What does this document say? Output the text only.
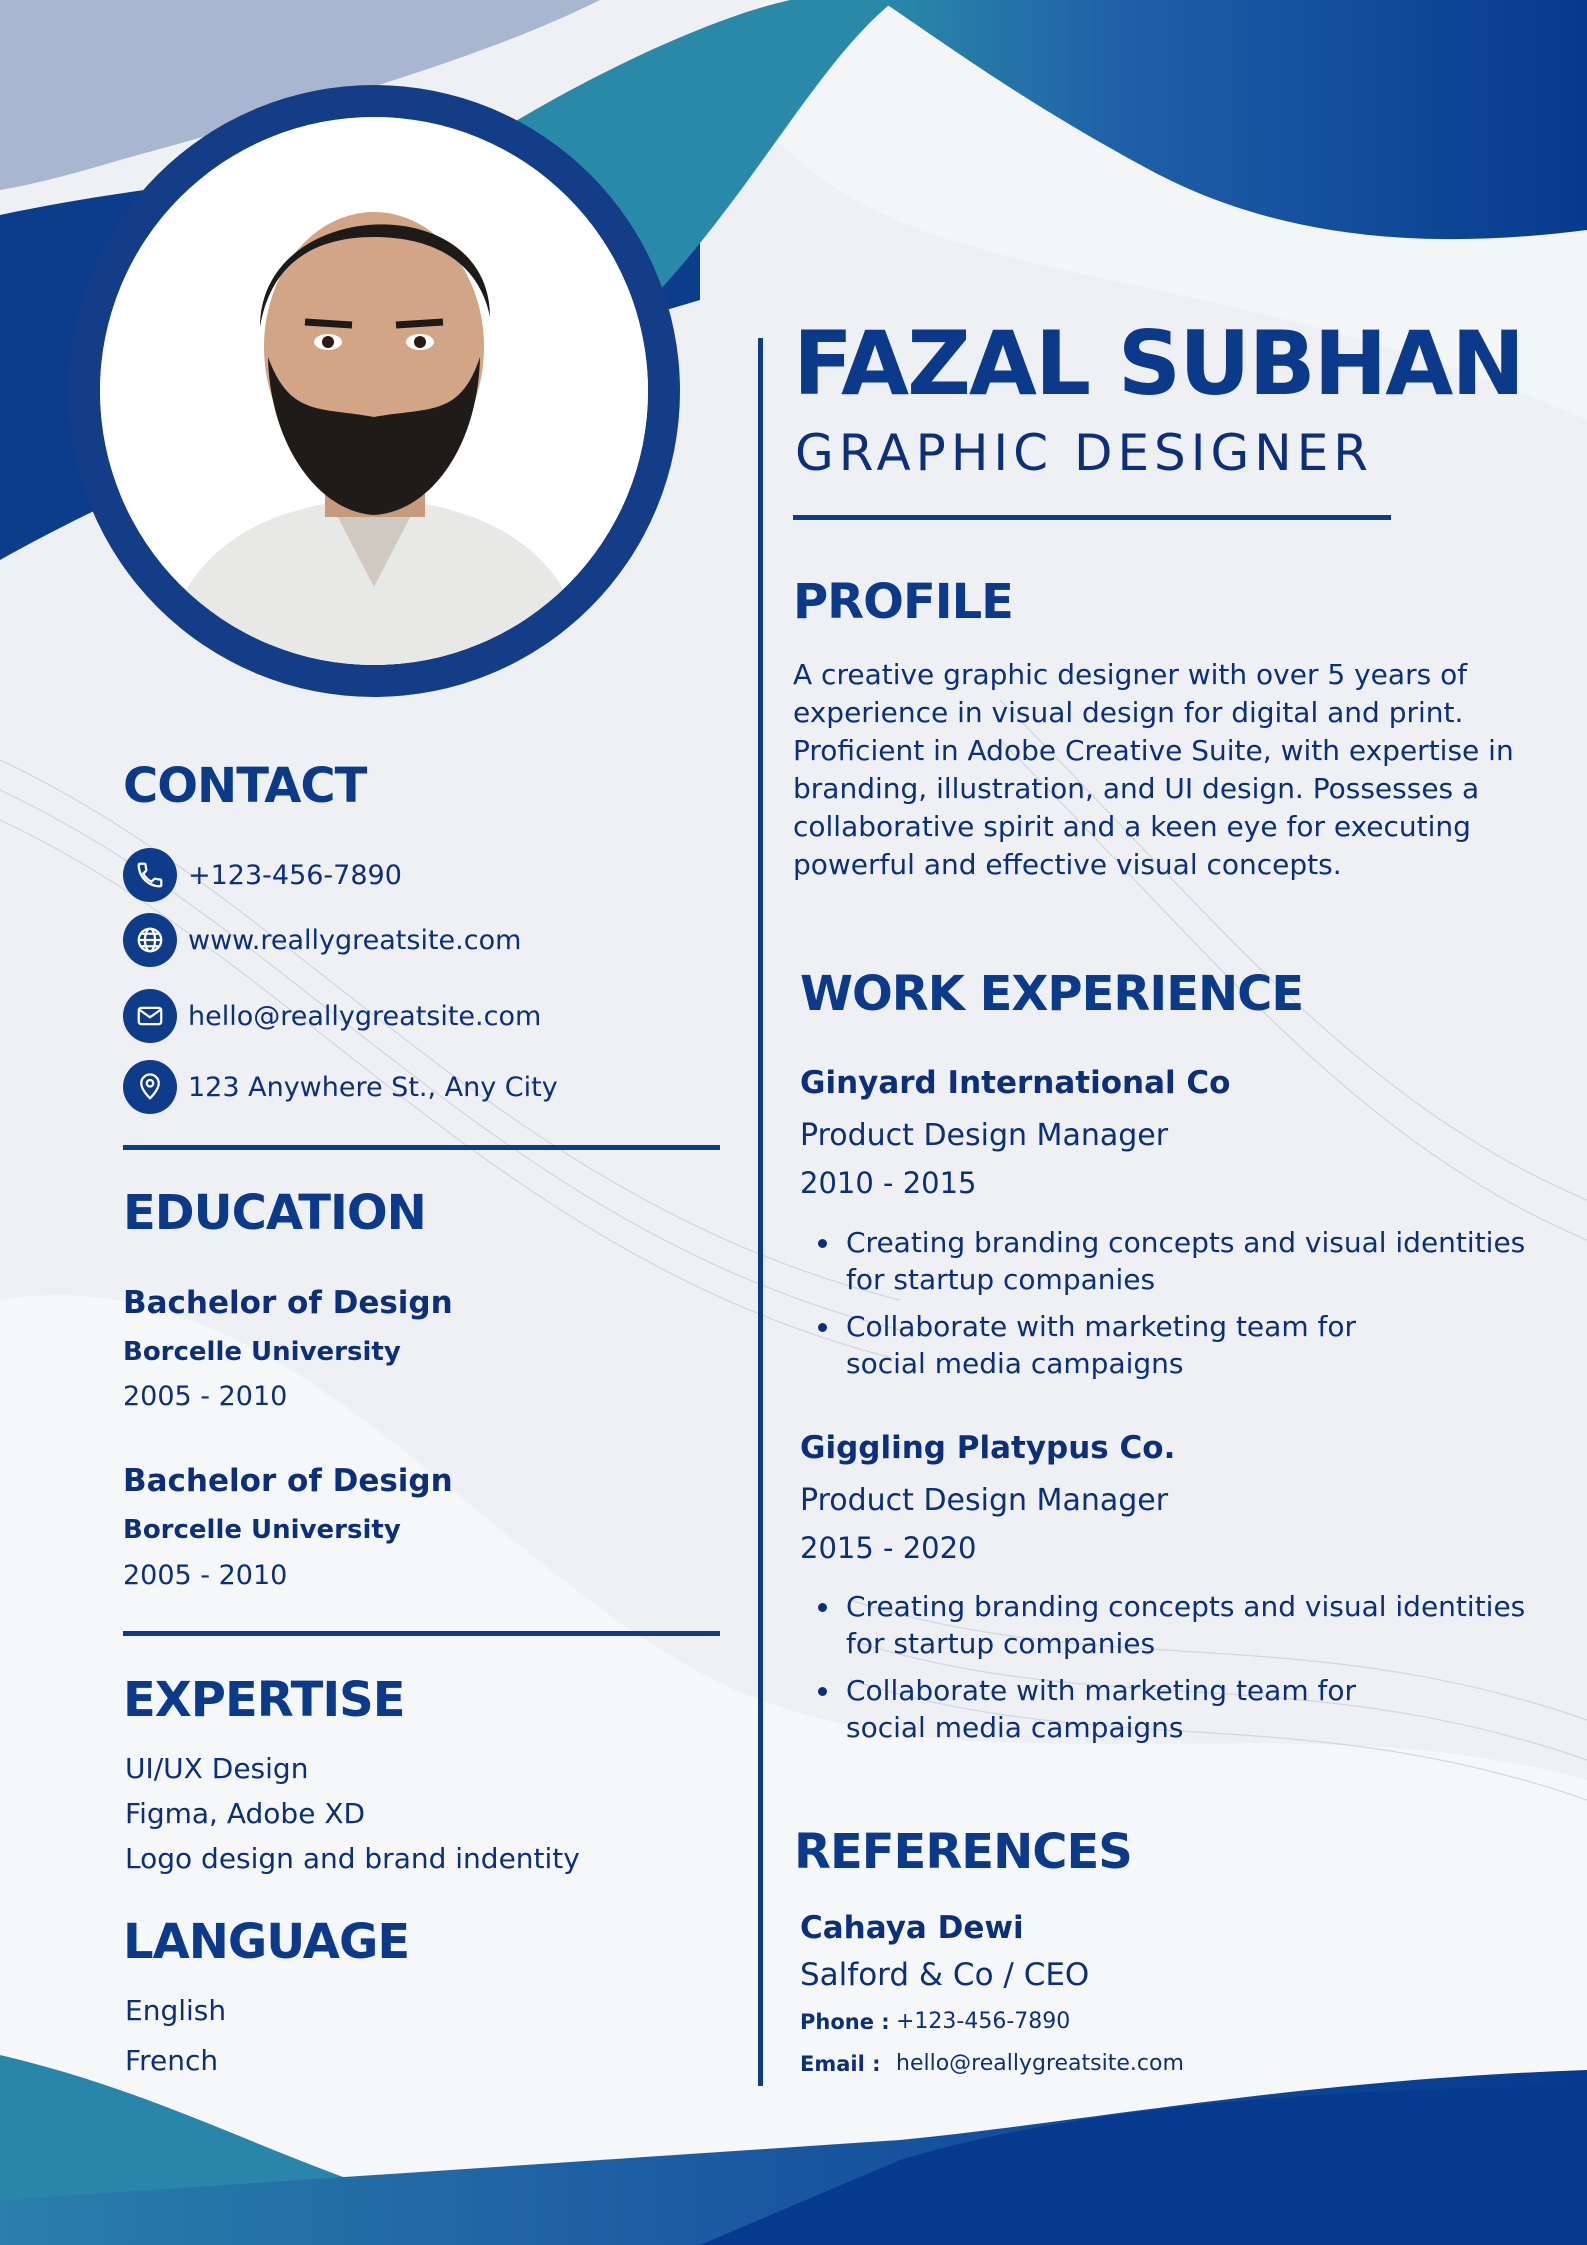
FAZAL SUBHAN
GRAPHIC DESIGNER
CONTACT
+123-456-7890
www.reallygreatsite.com
hello@reallygreatsite.com
123 Anywhere St., Any City
EDUCATION
Bachelor of Design
Borcelle University
2005 - 2010
Bachelor of Design
Borcelle University
2005 - 2010
EXPERTISE
UI/UX Design
Figma, Adobe XD
Logo design and brand indentity
LANGUAGE
English
French
PROFILE
A creative graphic designer with over 5 years of
experience in visual design for digital and print.
Proficient in Adobe Creative Suite, with expertise in
branding, illustration, and UI design. Possesses a
collaborative spirit and a keen eye for executing
powerful and effective visual concepts.
WORK EXPERIENCE
Ginyard International Co
Product Design Manager
2010 - 2015
Creating branding concepts and visual identities
for startup companies
Collaborate with marketing team for
social media campaigns
Giggling Platypus Co.
Product Design Manager
2015 - 2020
Creating branding concepts and visual identities
for startup companies
Collaborate with marketing team for
social media campaigns
REFERENCES
Cahaya Dewi
Salford & Co / CEO
Phone : +123-456-7890
Email : hello@reallygreatsite.com
